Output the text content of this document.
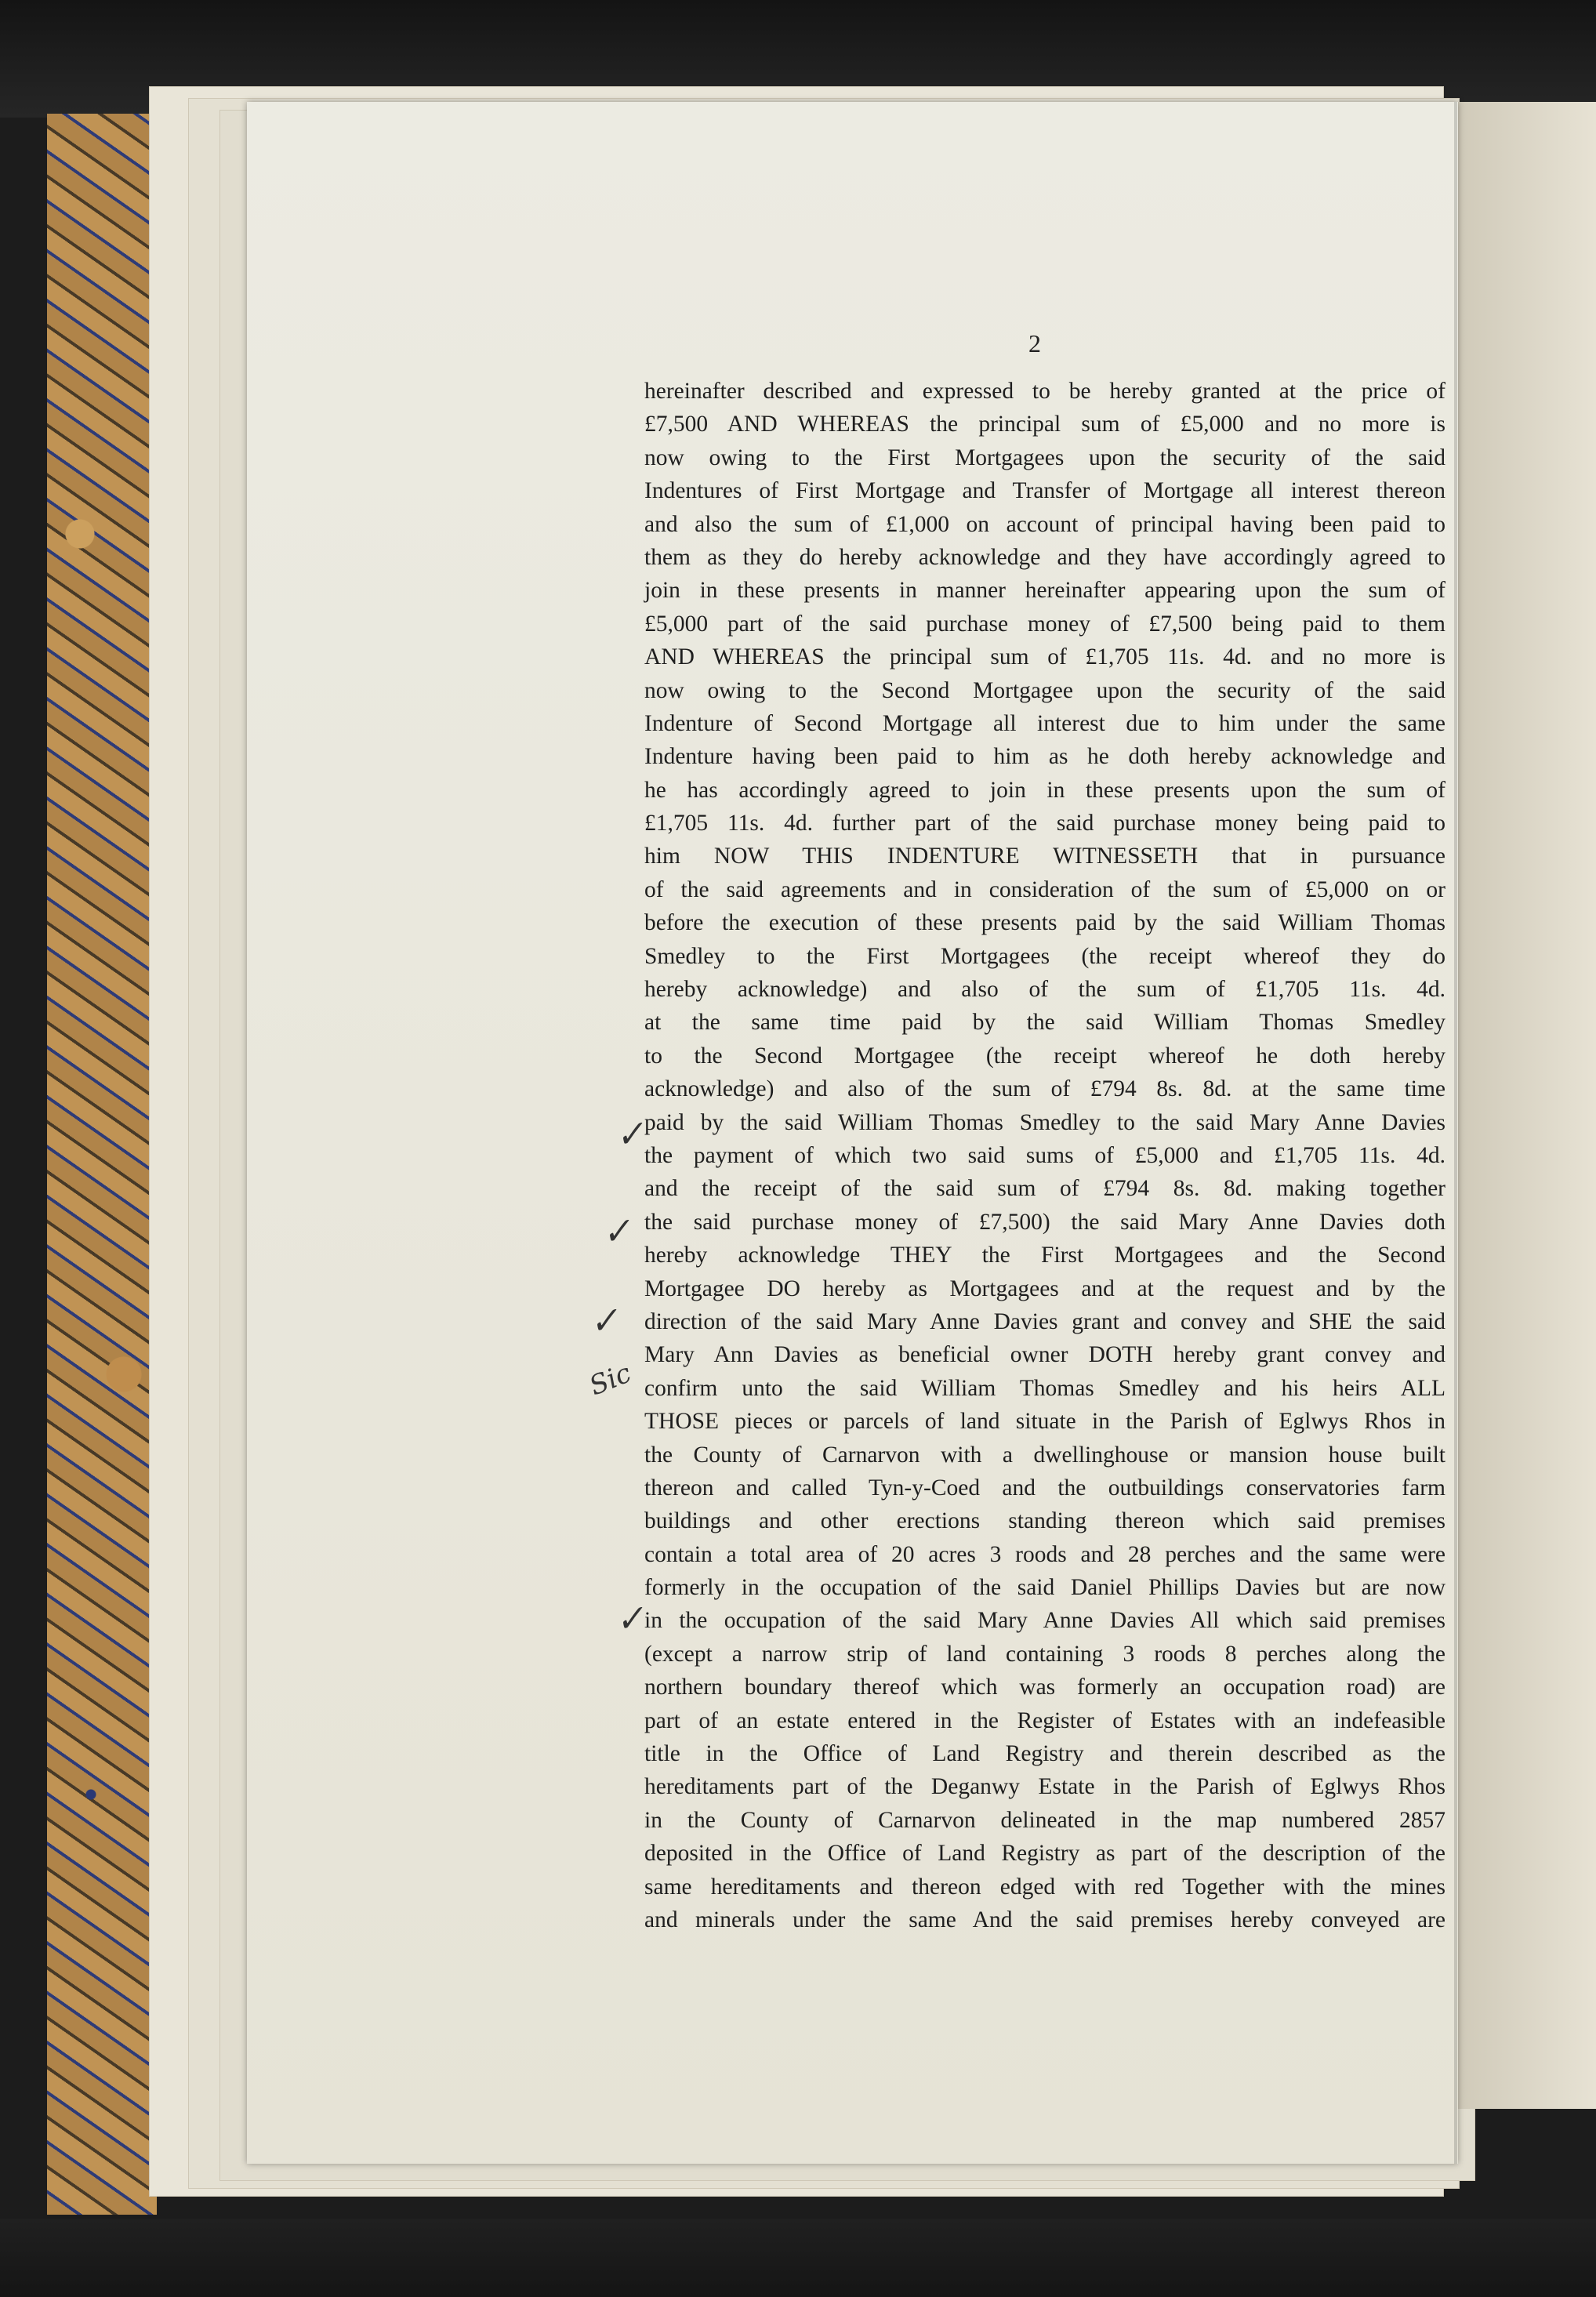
2
hereinafter described and expressed to be hereby granted at the price of
£7,500 AND WHEREAS the principal sum of £5,000 and no more is
now owing to the First Mortgagees upon the security of the said
Indentures of First Mortgage and Transfer of Mortgage all interest thereon
and also the sum of £1,000 on account of principal having been paid to
them as they do hereby acknowledge and they have accordingly agreed to
join in these presents in manner hereinafter appearing upon the sum of
£5,000 part of the said purchase money of £7,500 being paid to them
AND WHEREAS the principal sum of £1,705 11s. 4d. and no more is
now owing to the Second Mortgagee upon the security of the said
Indenture of Second Mortgage all interest due to him under the same
Indenture having been paid to him as he doth hereby acknowledge and
he has accordingly agreed to join in these presents upon the sum of
£1,705 11s. 4d. further part of the said purchase money being paid to
him NOW THIS INDENTURE WITNESSETH that in pursuance
of the said agreements and in consideration of the sum of £5,000 on or
before the execution of these presents paid by the said William Thomas
Smedley to the First Mortgagees (the receipt whereof they do
hereby acknowledge) and also of the sum of £1,705 11s. 4d.
at the same time paid by the said William Thomas Smedley
to the Second Mortgagee (the receipt whereof he doth hereby
acknowledge) and also of the sum of £794 8s. 8d. at the same time
paid by the said William Thomas Smedley to the said Mary Anne Davies
the payment of which two said sums of £5,000 and £1,705 11s. 4d.
and the receipt of the said sum of £794 8s. 8d. making together
the said purchase money of £7,500) the said Mary Anne Davies doth
hereby acknowledge THEY the First Mortgagees and the Second
Mortgagee DO hereby as Mortgagees and at the request and by the
direction of the said Mary Anne Davies grant and convey and SHE the said
Mary Ann Davies as beneficial owner DOTH hereby grant convey and
confirm unto the said William Thomas Smedley and his heirs ALL
THOSE pieces or parcels of land situate in the Parish of Eglwys Rhos in
the County of Carnarvon with a dwellinghouse or mansion house built
thereon and called Tyn-y-Coed and the outbuildings conservatories farm
buildings and other erections standing thereon which said premises
contain a total area of 20 acres 3 roods and 28 perches and the same were
formerly in the occupation of the said Daniel Phillips Davies but are now
in the occupation of the said Mary Anne Davies All which said premises
(except a narrow strip of land containing 3 roods 8 perches along the
northern boundary thereof which was formerly an occupation road) are
part of an estate entered in the Register of Estates with an indefeasible
title in the Office of Land Registry and therein described as the
hereditaments part of the Deganwy Estate in the Parish of Eglwys Rhos
in the County of Carnarvon delineated in the map numbered 2857
deposited in the Office of Land Registry as part of the description of the
same hereditaments and thereon edged with red Together with the mines
and minerals under the same And the said premises hereby conveyed are
✓
✓
✓
Sic
✓
